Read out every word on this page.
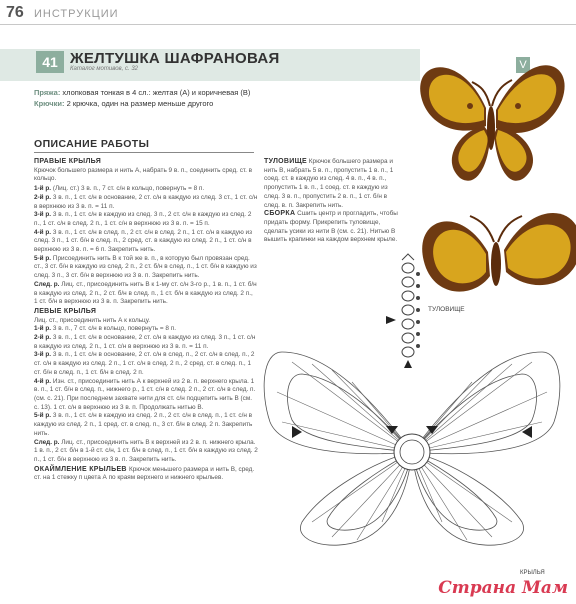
76 ИНСТРУКЦИИ
41 ЖЕЛТУШКА ШАФРАНОВАЯ
Каталог мотивов, с. 32	V
Пряжа: хлопковая тонкая в 4 сл.: желтая (А) и коричневая (В)
Крючки: 2 крючка, один на размер меньше другого
ОПИСАНИЕ РАБОТЫ

ПРАВЫЕ КРЫЛЬЯ

Крючок большего размера и нить А, набрать 9 в. п., соединить сред. ст. в кольцо.

1-й р. (Лиц. ст.) 3 в. п., 7 ст. с/н в кольцо, повернуть = 8 п.

2-й р. 3 в. п., 1 ст. с/н в основание, 2 ст. с/н в каждую из след. 3 ст., 1 ст. с/н в верхнюю из 3 в. п. = 11 п.

3-й р. 3 в. п., 1 ст. с/н в каждую из след. 3 п., 2 ст. с/н в каждую из след. 2 п., 1 ст. с/н в след. 2 п., 1 ст. с/н в верхнюю из 3 в. п. = 15 п.

4-й р. 3 в. п., 1 ст. с/н в след. п., 2 ст. с/н в след. 2 п., 1 ст. с/н в каждую из след. 3 п., 1 ст. б/н в след. п., 2 сред. ст. в каждую из след. 2 п., 1 ст. с/н в верхнюю из 3 в. п. = 6 п. Закрепить нить.

5-й р. Присоединить нить В к той же в. п., в которую был провязан сред. ст., 3 ст. б/н в каждую из след. 2 п., 2 ст. б/н в след. п., 1 ст. б/н в каждую из след. 3 п., 3 ст. б/н в верхнюю из 3 в. п. Закрепить нить.

След. р. Лиц. ст., присоединить нить В к 1-му ст. с/н 3-го р., 1 в. п., 1 ст. б/н в каждую из след. 2 п., 2 ст. б/н в след. п., 1 ст. б/н в каждую из след. 2 п., 1 ст. б/н в верхнюю из 3 в. п. Закрепить нить.

ЛЕВЫЕ КРЫЛЬЯ

Лиц. ст., присоединить нить А к кольцу.

1-й р. 3 в. п., 7 ст. с/н в кольцо, повернуть = 8 п.

2-й р. 3 в. п., 1 ст. с/н в основание, 2 ст. с/н в каждую из след. 3 п., 1 ст. с/н в каждую из след. 2 п., 1 ст. с/н в верхнюю из 3 в. п. = 11 п.

3-й р. 3 в. п., 1 ст. с/н в основание, 2 ст. с/н в след. п., 2 ст. с/н в след. п., 2 ст. с/н в каждую из след. 2 п., 1 ст. с/н в след. 2 п., 2 сред. ст. в след. п., 1 ст. б/н в след. п., 1 ст. б/н в след. 2 п.

4-й р. Изн. ст., присоединить нить А к верхней из 2 в. п. верхнего крыла. 1 в. п., 1 ст. б/н в след. п., нижнего р., 1 ст. с/н в след. 2 п., 2 ст. с/н в след. п. (см. с. 21). При последнем захвате нити для ст. с/н подцепить нить В (см. с. 13). 1 ст. с/н в верхнюю из 3 в. п. Продолжать нитью В.

5-й р. 3 в. п., 1 ст. с/н в каждую из след. 2 п., 2 ст. с/н в след. п., 1 ст. с/н в каждую из след. 2 п., 1 сред. ст. в след. п., 3 ст. б/н в след. 2 п. Закрепить нить.

След. р. Лиц. ст., присоединить нить В к верхней из 2 в. п. нижнего крыла. 1 в. п., 2 ст. б/н в 1-й ст. с/н, 1 ст. б/н в след. п., 1 ст. б/н в каждую из след. 2 п., 1 ст. б/н в верхнюю из 3 в. п. Закрепить нить.

ОКАЙМЛЕНИЕ КРЫЛЬЕВ Крючок меньшего размера и нить В, сред. ст. на 1 стежку п цвета А по краям верхнего и нижнего крыльев.

ТУЛОВИЩЕ Крючок большего размера и нить В, набрать 5 в. п., пропустить 1 в. п., 1 соед. ст. в каждую из след. 4 в. п., 4 в. п., пропустить 1 в. п., 1 соед. ст. в каждую из след. 3 в. п., пропустить 2 в. п., 1 ст. б/н в след. в. п. Закрепить нить.

СБОРКА Сшить центр и прогладить, чтобы придать форму. Прикрепить туловище, сделать усики из нити В (см. с. 21). Нитью В вышить крапинки на каждом верхнем крыле.

ТУЛОВИЩЕ
КРЫЛЬЯ
Страна Мам
